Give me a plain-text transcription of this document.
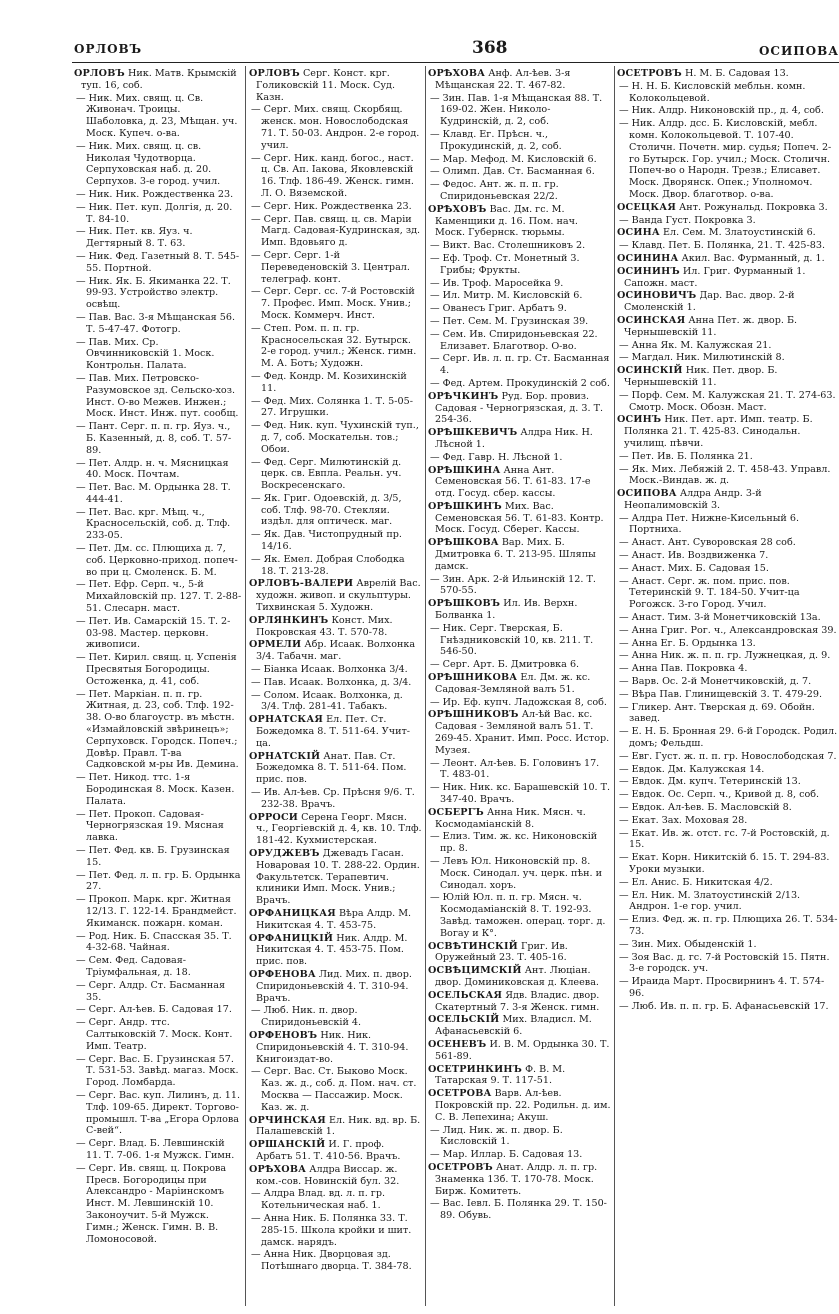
ОРЛОВЪ	368	ОСИПОВА
ОРЛОВЪ Ник. Матв. Крымскій туп. 16, соб.
— Ник. Мих. свящ. ц. Св. Живонач. Троицы. Шаболовка, д. 23, Мѣщан. уч. Моск. Купеч. о-ва.
— Ник. Мих. свящ. ц. св. Николая Чудотворца. Серпуховская наб. д. 20. Серпухов. 3-е город. учил.
— Ник. Ник. Рождественка 23.
— Ник. Пет. куп. Долгія, д. 20. Т. 84-10.
— Ник. Пет. кв. Яуз. ч. Дегтярный 8. Т. 63.
— Ник. Фед. Газетный 8. Т. 545-55. Портной.
— Ник. Як. Б. Якиманка 22. Т. 99-93. Устройство электр. освѣщ.
— Пав. Вас. 3-я Мѣщанская 56. Т. 5-47-47. Фотогр.
— Пав. Мих. Ср. Овчинниковскій 1. Моск. Контрольн. Палата.
— Пав. Мих. Петровско-Разумовское зд. Сельско-хоз. Инст. О-во Межев. Инжен.; Моск. Инст. Инж. пут. сообщ.
— Пант. Серг. п. п. гр. Яуз. ч., Б. Казенный, д. 8, соб. Т. 57-89.
— Пет. Алдр. н. ч. Мясницкая 40. Моск. Почтам.
— Пет. Вас. М. Ордынка 28. Т. 444-41.
— Пет. Вас. крг. Мѣщ. ч., Красносельскій, соб. д. Тлф. 233-05.
— Пет. Дм. сс. Плющиха д. 7, соб. Церковно-приход. попеч-во при ц. Смоленск. Б. М.
— Пет. Ефр. Серп. ч., 5-й Михайловскій пр. 127. Т. 2-88-51. Слесарн. маст.
— Пет. Ив. Самарскій 15. Т. 2-03-98. Мастер. церковн. живописи.
— Пет. Кирил. свящ. ц. Успенія Пресвятыя Богородицы. Остоженка, д. 41, соб.
— Пет. Маркіан. п. п. гр. Житная, д. 23, соб. Тлф. 192-38. О-во благоустр. въ мѣстн. «Измайловскій звѣринецъ»; Серпуховск. Городск. Попеч.; Довѣр. Правл. Т-ва Садковской м-ры Ив. Демина.
— Пет. Никод. ттс. 1-я Бородинская 8. Моск. Казен. Палата.
— Пет. Прокоп. Садовая-Черногрязская 19. Мясная лавка.
— Пет. Фед. кв. Б. Грузинская 15.
— Пет. Фед. л. п. гр. Б. Ордынка 27.
— Прокоп. Марк. крг. Житная 12/13. Г. 122-14. Брандмейст. Якиманск. пожарн. коман.
— Род. Ник. Б. Спасская 35. Т. 4-32-68. Чайная.
— Сем. Фед. Садовая-Тріумфальная, д. 18.
— Серг. Алдр. Ст. Басманная 35.
— Серг. Ал-ѣев. Б. Садовая 17.
— Серг. Андр. ттс. Салтыковскій 7. Моск. Конт. Имп. Театр.
— Серг. Вас. Б. Грузинская 57. Т. 531-53. Завѣд. магаз. Моск. Город. Ломбарда.
— Серг. Вас. куп. Лилинъ, д. 11. Тлф. 109-65. Директ. Торгово-промышл. Т-ва „Егора Орлова С-вей“.
— Серг. Влад. Б. Левшинскій 11. Т. 7-06. 1-я Мужск. Гимн.
— Серг. Ив. свящ. ц. Покрова Пресв. Богородицы при Александро - Маріинскомъ Инст. М. Левшинскій 10. Законоучит. 5-й Мужск. Гимн.; Женск. Гимн. В. В. Ломоносовой.
ОРЛОВЪ Серг. Конст. крг. Голиковскій 11. Моск. Суд. Казн.
— Серг. Мих. свящ. Скорбящ. женск. мон. Новослободская 71. Т. 50-03. Андрон. 2-е город. учил.
— Серг. Ник. канд. богос., наст. ц. Св. Ап. Іакова, Яковлевскій 16. Тлф. 186-49. Женск. гимн. Л. О. Вяземской.
— Серг. Ник. Рождественка 23.
— Серг. Пав. свящ. ц. св. Маріи Магд. Садовая-Кудринская, зд. Имп. Вдовьяго д.
— Серг. Серг. 1-й Переведеновскій 3. Централ. телеграф. конт.
— Серг. Серг. сс. 7-й Ростовскій 7. Профес. Имп. Моск. Унив.; Моск. Коммерч. Инст.
— Степ. Ром. п. п. гр. Красносельская 32. Бутырск. 2-е город. учил.; Женск. гимн. М. А. Ботъ; Художн.
— Фед. Кондр. М. Козихинскій 11.
— Фед. Мих. Солянка 1. Т. 5-05-27. Игрушки.
— Фед. Ник. куп. Чухинскій туп., д. 7, соб. Москательн. тов.; Обои.
— Фед. Серг. Милютинскій д. церк. св. Евпла. Реальн. уч. Воскресенскаго.
— Як. Григ. Одоевскій, д. 3/5, соб. Тлф. 98-70. Стекляи. издѣл. для оптическ. маг.
— Як. Дав. Чистопрудный пр. 14/16.
— Як. Емел. Добрая Слободка 18. Т. 213-28.
ОРЛОВЪ-ВАЛЕРИ Аврелій Вас. художн. живоп. и скульптуры. Тихвинская 5. Художн.
ОРЛЯНКИНЪ Конст. Мих. Покровская 43. Т. 570-78.
ОРМЕЛИ Абр. Исаак. Волхонка 3/4. Табачн. маг.
— Біанка Исаак. Волхонка 3/4.
— Пав. Исаак. Волхонка, д. 3/4.
— Солом. Исаак. Волхонка, д. 3/4. Тлф. 281-41. Табакъ.
ОРНАТСКАЯ Ел. Пет. Ст. Божедомка 8. Т. 511-64. Учит-ца.
ОРНАТСКІЙ Анат. Пав. Ст. Божедомка 8. Т. 511-64. Пом. прис. пов.
— Ив. Ал-ѣев. Ср. Прѣсня 9/6. Т. 232-38. Врачъ.
ОРРОСИ Серена Георг. Мясн. ч., Георгіевскій д. 4, кв. 10. Тлф. 181-42. Кухмистерская.
ОРУДЖЕВЪ Джевадъ Гасан. Новаровая 10. Т. 288-22. Ордин. Факультетск. Терапевтич. клиники Имп. Моск. Унив.; Врачъ.
ОРФАНИЦКАЯ Вѣра Алдр. М. Никитская 4. Т. 453-75.
ОРФАНИЦКІЙ Ник. Алдр. М. Никитская 4. Т. 453-75. Пом. прис. пов.
ОРФЕНОВА Лид. Мих. п. двор. Спиридоньевскій 4. Т. 310-94. Врачъ.
— Люб. Ник. п. двор. Спиридоньевскій 4.
ОРФЕНОВЪ Ник. Ник. Спиридоньевскій 4. Т. 310-94. Книгоиздат-во.
— Серг. Вас. Ст. Быково Моск. Каз. ж. д., соб. д. Пом. нач. ст. Москва — Пассажир. Моск. Каз. ж. д.
ОРЧИНСКАЯ Ел. Ник. вд. вр. Б. Палашевскій 1.
ОРШАНСКІЙ И. Г. проф. Арбатъ 51. Т. 410-56. Врачъ.
ОРѢХОВА Алдра Виссар. ж. ком.-сов. Новинскій бул. 32.
— Алдра Влад. вд. л. п. гр. Котельническая наб. 1.
— Анна Ник. Б. Полянка 33. Т. 285-15. Школа кройки и шит. дамск. нарядъ.
— Анна Ник. Дворцовая зд. Потѣшнаго дворца. Т. 384-78.
ОРѢХОВА Анф. Ал-ѣев. 3-я Мѣщанская 22. Т. 467-82.
— Зин. Пав. 1-я Мѣщанская 88. Т. 169-02. Жен. Николо-Кудринскій, д. 2, соб.
— Клавд. Ег. Прѣсн. ч., Прокудинскій, д. 2, соб.
— Мар. Мефод. М. Кисловскій 6.
— Олимп. Дав. Ст. Басманная 6.
— Федос. Ант. ж. п. п. гр. Спиридоньевская 22/2.
ОРѢХОВЪ Вас. Дм. гс. М. Каменщики д. 16. Пом. нач. Моск. Губернск. тюрьмы.
— Викт. Вас. Столешниковъ 2.
— Еф. Троф. Ст. Монетный 3. Грибы; Фрукты.
— Ив. Троф. Маросейка 9.
— Ил. Митр. М. Кисловскій 6.
— Ованесъ Григ. Арбатъ 9.
— Пет. Сем. М. Грузинская 39.
— Сем. Ив. Спиридоньевская 22. Елизавет. Благотвор. О-во.
— Серг. Ив. л. п. гр. Ст. Басманная 4.
— Фед. Артем. Прокудинскій 2 соб.
ОРѢЧКИНЪ Руд. Бор. провиз. Садовая - Черногрязская, д. 3. Т. 254-36.
ОРѢШКЕВИЧЪ Алдра Ник. Н. Лѣсной 1.
— Фед. Гавр. Н. Лѣсной 1.
ОРѢШКИНА Анна Ант. Семеновская 56. Т. 61-83. 17-е отд. Госуд. сбер. кассы.
ОРѢШКИНЪ Мих. Вас. Семеновская 56. Т. 61-83. Контр. Моск. Госуд. Сберег. Кассы.
ОРѢШКОВА Вар. Мих. Б. Дмитровка 6. Т. 213-95. Шляпы дамск.
— Зин. Арк. 2-й Ильинскій 12. Т. 570-55.
ОРѢШКОВЪ Ил. Ив. Верхн. Болванка 1.
— Ник. Серг. Тверская, Б. Гнѣздниковскій 10, кв. 211. Т. 546-50.
— Серг. Арт. Б. Дмитровка 6.
ОРѢШНИКОВА Ел. Дм. ж. кс. Садовая-Земляной валъ 51.
— Ир. Еф. купч. Ладожская 8, соб.
ОРѢШНИКОВЪ Ал-ѣй Вас. кс. Садовая - Земляной валъ 51. Т. 269-45. Хранит. Имп. Росс. Истор. Музея.
— Леонт. Ал-ѣев. Б. Головинъ 17. Т. 483-01.
— Ник. Ник. кс. Барашевскій 10. Т. 347-40. Врачъ.
ОСБЕРГЪ Анна Ник. Мясн. ч. Космодамiанскій 8.
— Елиз. Тим. ж. кс. Никоновскій пр. 8.
— Левъ Юл. Никоновскій пр. 8. Моск. Синодал. уч. церк. пѣн. и Синодал. хоръ.
— Юлій Юл. п. п. гр. Мясн. ч. Космодамiанскій 8. Т. 192-93. Завѣд. таможен. операц. торг. д. Вогау и К°.
ОСВѢТИНСКІЙ Григ. Ив. Оружейный 23. Т. 405-16.
ОСВѢЦИМСКІЙ Ант. Люціан. двор. Доминиковская д. Клеева.
ОСЕЛЬСКАЯ Ядв. Владис. двор. Скатертный 7. 3-я Женск. гимн.
ОСЕЛЬСКІЙ Мих. Владисл. М. Афанасьевскій 6.
ОСЕНЕВЪ И. В. М. Ордынка 30. Т. 561-89.
ОСЕТРИНКИНЪ Ф. В. М. Татарская 9. Т. 117-51.
ОСЕТРОВА Варв. Ал-ѣев. Покровскій пр. 22. Родильн. д. им. С. В. Лепехина; Акуш.
— Лид. Ник. ж. п. двор. Б. Кисловскій 1.
— Мар. Иллар. Б. Садовая 13.
ОСЕТРОВЪ Анат. Алдр. л. п. гр. Знаменка 13б. Т. 170-78. Моск. Бирж. Комитеть.
— Вас. Іевл. Б. Полянка 29. Т. 150-89. Обувь.
ОСЕТРОВЪ Н. М. Б. Садовая 13.
— Н. Н. Б. Кисловскій мебльн. комн. Колокольцевой.
— Ник. Алдр. Никоновскій пр., д. 4, соб.
— Ник. Алдр. дсс. Б. Кисловскій, мебл. комн. Колокольцевой. Т. 107-40. Столичн. Почетн. мир. судья; Попеч. 2-го Бутырск. Гор. учил.; Моск. Столичн. Попеч-во о Народн. Трезв.; Елисавет. Моск. Дворянск. Опек.; Уполномоч. Моск. Двор. благотвор. о-ва.
ОСЕЦКАЯ Ант. Рожунальд. Покровка 3.
— Ванда Густ. Покровка 3.
ОСИНА Ел. Сем. М. Златоустинскій 6.
— Клавд. Пет. Б. Полянка, 21. Т. 425-83.
ОСИНИНА Акил. Вас. Фурманный, д. 1.
ОСИНИНЪ Ил. Григ. Фурманный 1. Сапожн. маст.
ОСИНОВИЧЪ Дар. Вас. двор. 2-й Смоленскій 1.
ОСИНСКАЯ Анна Пет. ж. двор. Б. Чернышевскій 11.
— Анна Як. М. Калужская 21.
— Магдал. Ник. Милютинскій 8.
ОСИНСКІЙ Ник. Пет. двор. Б. Чернышевскій 11.
— Порф. Сем. М. Калужская 21. Т. 274-63. Смотр. Моск. Обозн. Маст.
ОСИНЪ Ник. Пет. арт. Имп. театр. Б. Полянка 21. Т. 425-83. Синодальн. училищ. пѣвчи.
— Пет. Ив. Б. Полянка 21.
— Як. Мих. Лебяжій 2. Т. 458-43. Управл. Моск.-Виндав. ж. д.
ОСИПОВА Алдра Андр. 3-й Неопалимовскій 3.
— Алдра Пет. Нижне-Кисельный 6. Портниха.
— Анаст. Ант. Суворовская 28 соб.
— Анаст. Ив. Воздвиженка 7.
— Анаст. Мих. Б. Садовая 15.
— Анаст. Серг. ж. пом. прис. пов. Тетеринскій 9. Т. 184-50. Учит-ца Рогожск. 3-го Город. Учил.
— Анаст. Тим. 3-й Монетчиковскій 13а.
— Анна Григ. Рог. ч., Александровская 39.
— Анна Ег. Б. Ордынка 13.
— Анна Ник. ж. п. п. гр. Лужнецкая, д. 9.
— Анна Пав. Покровка 4.
— Варв. Ос. 2-й Монетчиковскій, д. 7.
— Вѣра Пав. Глинищевскій 3. Т. 479-29.
— Гликер. Ант. Тверская д. 69. Обойн. завед.
— Е. Н. Б. Бронная 29. 6-й Городск. Родил. домъ; Фельдш.
— Евг. Густ. ж. п. п. гр. Новослободская 7.
— Евдок. Дм. Калужская 14.
— Евдок. Дм. купч. Тетеринскій 13.
— Евдок. Ос. Серп. ч., Кривой д. 8, соб.
— Евдок. Ал-ѣев. Б. Масловскій 8.
— Екат. Зах. Моховая 28.
— Екат. Ив. ж. отст. гс. 7-й Ростовскій, д. 15.
— Екат. Корн. Никитскій б. 15. Т. 294-83. Уроки музыки.
— Ел. Анис. Б. Никитская 4/2.
— Ел. Ник. М. Златоустинскій 2/13. Андрон. 1-е гор. учил.
— Елиз. Фед. ж. п. гр. Плющиха 26. Т. 534-73.
— Зин. Мих. Обыденскій 1.
— Зоя Вас. д. гс. 7-й Ростовскій 15. Пятн. 3-е городск. уч.
— Ираида Март. Просвирнинъ 4. Т. 574-96.
— Люб. Ив. п. п. гр. Б. Афанасьевскій 17.
